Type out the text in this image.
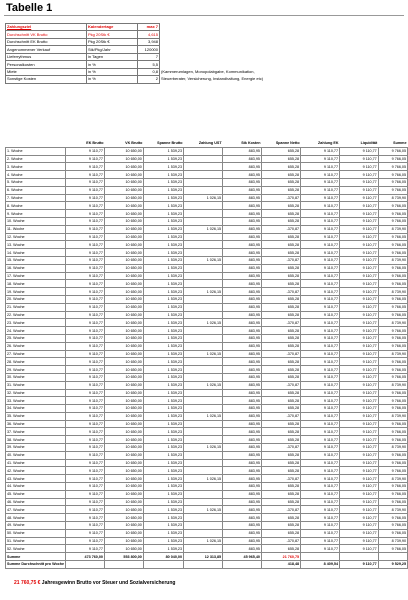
Tabelle 1
Zahlungsziel	Kalendertage	max 7	
Durchschnitt VK Brutto	Pkg 20Stk €	4,615	
Durchschnitt EK Brutto	Pkg 20Stk €	3,948	
Angenommener Verkauf	Stk/Pkg/Jahr	120000	
Lieferrythmus	in Tagen	7	
Personalkosten	in %	5,5	
Miete	in %	0,8	(Kammerumlagen, Monopolabgabe, Kommunikation,
Sonstige Kosten	in %	2	Steuerberater, Versicherung, Instandhaltung, Energie etc)
	EK Brutto	VK Brutto	Spanne Brutto	Zahlung UST	Stk Kosten	Spanne Netto	Zahlung EK	Liquidität	Summe
1. Woche	9 110,77	10 650,00	1 539,23		883,95	655,28	9 110,77	9 110,77	9 766,05
2. Woche	9 110,77	10 650,00	1 539,23		883,95	655,28	9 110,77	9 110,77	9 766,05
3. Woche	9 110,77	10 650,00	1 539,23		883,95	655,28	9 110,77	9 110,77	9 766,05
4. Woche	9 110,77	10 650,00	1 539,23		883,95	655,28	9 110,77	9 110,77	9 766,05
5. Woche	9 110,77	10 650,00	1 539,23		883,95	655,28	9 110,77	9 110,77	9 766,05
6. Woche	9 110,77	10 650,00	1 539,23		883,95	655,28	9 110,77	9 110,77	9 766,05
7. Woche	9 110,77	10 650,00	1 539,23	1 026,15	883,95	-370,87	9 110,77	9 110,77	8 739,90
8. Woche	9 110,77	10 650,00	1 539,23		883,95	655,28	9 110,77	9 110,77	9 766,05
9. Woche	9 110,77	10 650,00	1 539,23		883,95	655,28	9 110,77	9 110,77	9 766,05
10. Woche	9 110,77	10 650,00	1 539,23		883,95	655,28	9 110,77	9 110,77	9 766,05
11. Woche	9 110,77	10 650,00	1 539,23	1 026,15	883,95	-370,87	9 110,77	9 110,77	8 739,90
12. Woche	9 110,77	10 650,00	1 539,23		883,95	655,28	9 110,77	9 110,77	9 766,05
13. Woche	9 110,77	10 650,00	1 539,23		883,95	655,28	9 110,77	9 110,77	9 766,05
14. Woche	9 110,77	10 650,00	1 539,23		883,95	655,28	9 110,77	9 110,77	9 766,05
15. Woche	9 110,77	10 650,00	1 539,23	1 026,15	883,95	-370,87	9 110,77	9 110,77	8 739,90
16. Woche	9 110,77	10 650,00	1 539,23		883,95	655,28	9 110,77	9 110,77	9 766,05
17. Woche	9 110,77	10 650,00	1 539,23		883,95	655,28	9 110,77	9 110,77	9 766,05
18. Woche	9 110,77	10 650,00	1 539,23		883,95	655,28	9 110,77	9 110,77	9 766,05
19. Woche	9 110,77	10 650,00	1 539,23	1 026,15	883,95	-370,87	9 110,77	9 110,77	8 739,90
20. Woche	9 110,77	10 650,00	1 539,23		883,95	655,28	9 110,77	9 110,77	9 766,05
21. Woche	9 110,77	10 650,00	1 539,23		883,95	655,28	9 110,77	9 110,77	9 766,05
22. Woche	9 110,77	10 650,00	1 539,23		883,95	655,28	9 110,77	9 110,77	9 766,05
23. Woche	9 110,77	10 650,00	1 539,23	1 026,15	883,95	-370,87	9 110,77	9 110,77	8 739,90
24. Woche	9 110,77	10 650,00	1 539,23		883,95	655,28	9 110,77	9 110,77	9 766,05
25. Woche	9 110,77	10 650,00	1 539,23		883,95	655,28	9 110,77	9 110,77	9 766,05
26. Woche	9 110,77	10 650,00	1 539,23		883,95	655,28	9 110,77	9 110,77	9 766,05
27. Woche	9 110,77	10 650,00	1 539,23	1 026,15	883,95	-370,87	9 110,77	9 110,77	8 739,90
28. Woche	9 110,77	10 650,00	1 539,23		883,95	655,28	9 110,77	9 110,77	9 766,05
29. Woche	9 110,77	10 650,00	1 539,23		883,95	655,28	9 110,77	9 110,77	9 766,05
30. Woche	9 110,77	10 650,00	1 539,23		883,95	655,28	9 110,77	9 110,77	9 766,05
31. Woche	9 110,77	10 650,00	1 539,23	1 026,15	883,95	-370,87	9 110,77	9 110,77	8 739,90
32. Woche	9 110,77	10 650,00	1 539,23		883,95	655,28	9 110,77	9 110,77	9 766,05
33. Woche	9 110,77	10 650,00	1 539,23		883,95	655,28	9 110,77	9 110,77	9 766,05
34. Woche	9 110,77	10 650,00	1 539,23		883,95	655,28	9 110,77	9 110,77	9 766,05
35. Woche	9 110,77	10 650,00	1 539,23	1 026,15	883,95	-370,87	9 110,77	9 110,77	8 739,90
36. Woche	9 110,77	10 650,00	1 539,23		883,95	655,28	9 110,77	9 110,77	9 766,05
37. Woche	9 110,77	10 650,00	1 539,23		883,95	655,28	9 110,77	9 110,77	9 766,05
38. Woche	9 110,77	10 650,00	1 539,23		883,95	655,28	9 110,77	9 110,77	9 766,05
39. Woche	9 110,77	10 650,00	1 539,23	1 026,15	883,95	-370,87	9 110,77	9 110,77	8 739,90
40. Woche	9 110,77	10 650,00	1 539,23		883,95	655,28	9 110,77	9 110,77	9 766,05
41. Woche	9 110,77	10 650,00	1 539,23		883,95	655,28	9 110,77	9 110,77	9 766,05
42. Woche	9 110,77	10 650,00	1 539,23		883,95	655,28	9 110,77	9 110,77	9 766,05
43. Woche	9 110,77	10 650,00	1 539,23	1 026,15	883,95	-370,87	9 110,77	9 110,77	8 739,90
44. Woche	9 110,77	10 650,00	1 539,23		883,95	655,28	9 110,77	9 110,77	9 766,05
45. Woche	9 110,77	10 650,00	1 539,23		883,95	655,28	9 110,77	9 110,77	9 766,05
46. Woche	9 110,77	10 650,00	1 539,23		883,95	655,28	9 110,77	9 110,77	9 766,05
47. Woche	9 110,77	10 650,00	1 539,23	1 026,15	883,95	-370,87	9 110,77	9 110,77	8 739,90
48. Woche	9 110,77	10 650,00	1 539,23		883,95	655,28	9 110,77	9 110,77	9 766,05
49. Woche	9 110,77	10 650,00	1 539,23		883,95	655,28	9 110,77	9 110,77	9 766,05
50. Woche	9 110,77	10 650,00	1 539,23		883,95	655,28	9 110,77	9 110,77	9 766,05
51. Woche	9 110,77	10 650,00	1 539,23	1 026,15	883,95	-370,87	9 110,77	9 110,77	8 739,90
52. Woche	9 110,77	10 650,00	1 539,23		883,95	655,28	9 110,77	9 110,77	9 766,05
Summe	473 760,00	553 800,00	80 040,00	12 313,85	45 965,40	21 760,75			
Summe Durchschnitt pro Woche						418,48	8 409,54	9 110,77	9 529,25
21 760,75 € Jahresgewinn Brutto vor Steuer und Sozialversicherung
